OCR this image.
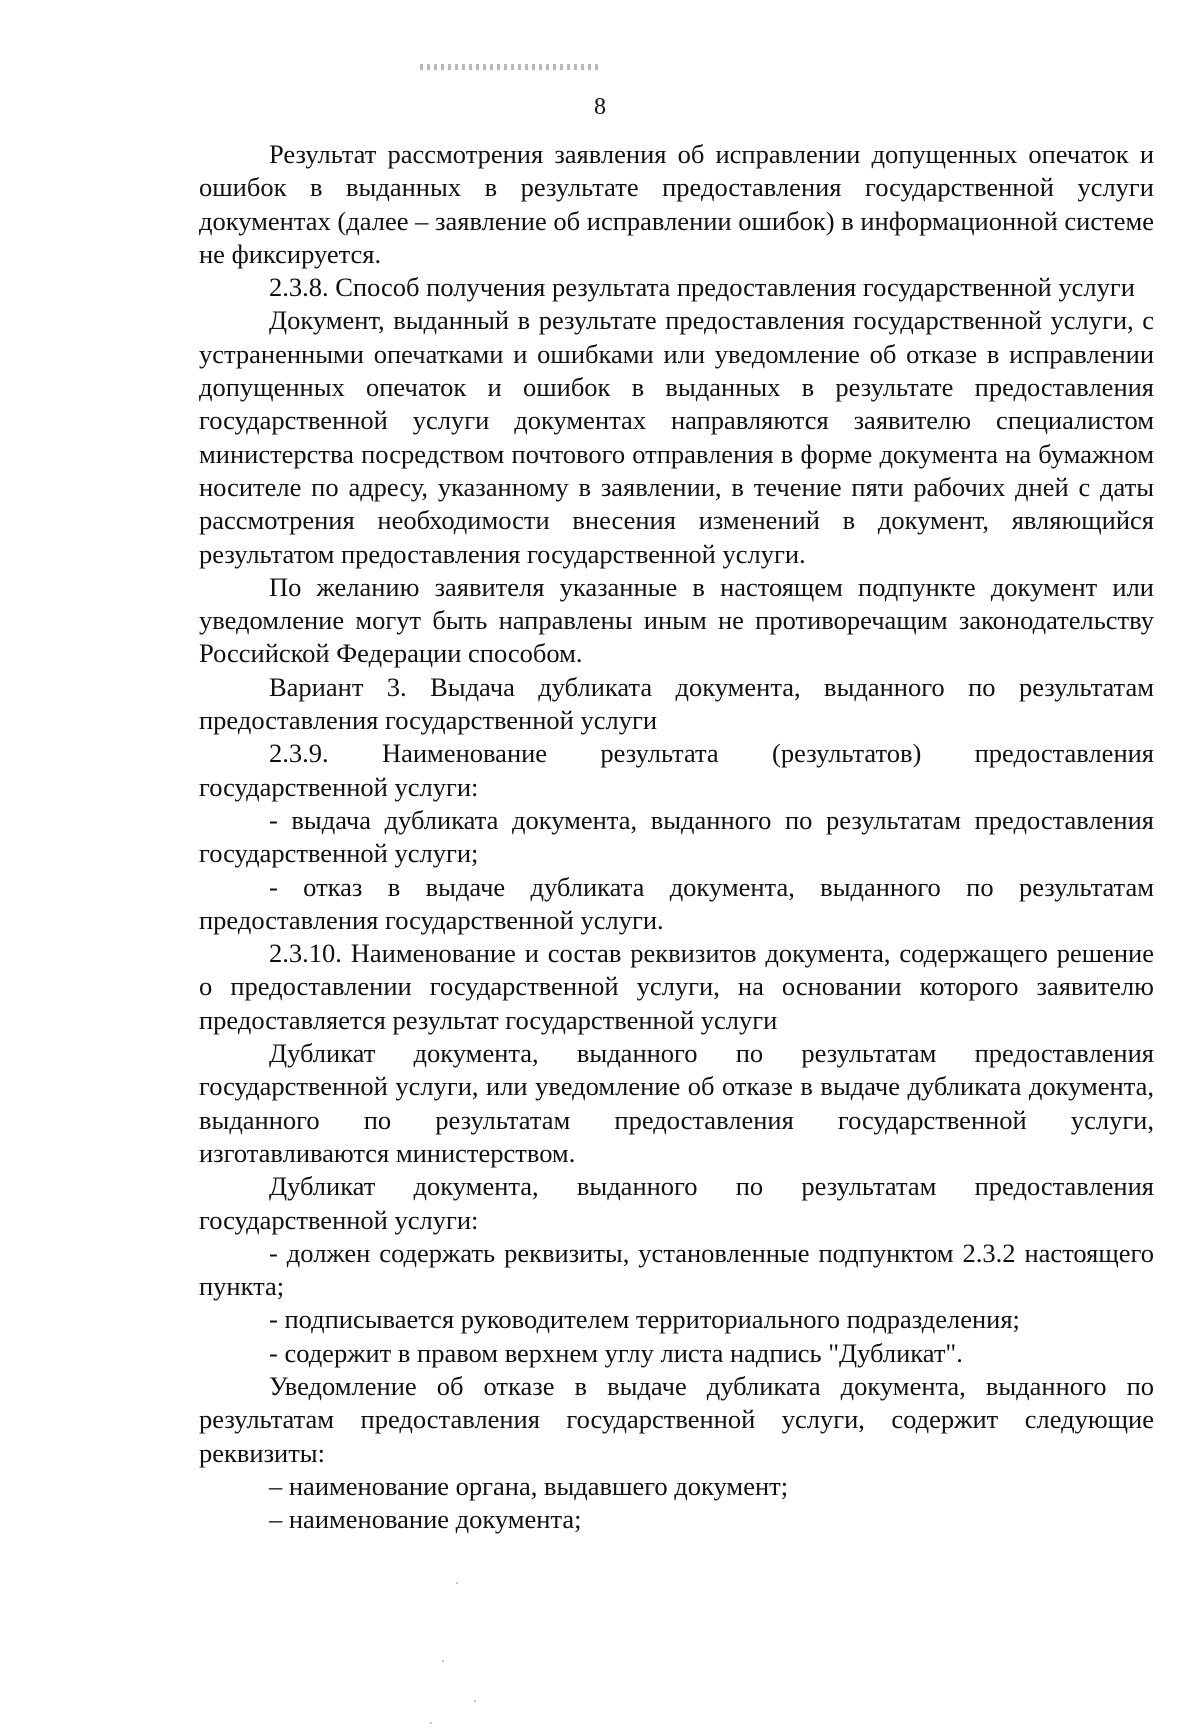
8

Результат рассмотрения заявления об исправлении допущенных опечаток и ошибок в выданных в результате предоставления государственной услуги документах (далее – заявление об исправлении ошибок) в информационной системе не фиксируется.

2.3.8. Способ получения результата предоставления государственной услуги

Документ, выданный в результате предоставления государственной услуги, с устраненными опечатками и ошибками или уведомление об отказе в исправлении допущенных опечаток и ошибок в выданных в результате предоставления государственной услуги документах направляются заявителю специалистом министерства посредством почтового отправления в форме документа на бумажном носителе по адресу, указанному в заявлении, в течение пяти рабочих дней с даты рассмотрения необходимости внесения изменений в документ, являющийся результатом предоставления государственной услуги.

По желанию заявителя указанные в настоящем подпункте документ или уведомление могут быть направлены иным не противоречащим законодательству Российской Федерации способом.

Вариант 3. Выдача дубликата документа, выданного по результатам предоставления государственной услуги

2.3.9. Наименование результата (результатов) предоставления государственной услуги:

- выдача дубликата документа, выданного по результатам предоставления государственной услуги;

- отказ в выдаче дубликата документа, выданного по результатам предоставления государственной услуги.

2.3.10. Наименование и состав реквизитов документа, содержащего решение о предоставлении государственной услуги, на основании которого заявителю предоставляется результат государственной услуги

Дубликат документа, выданного по результатам предоставления государственной услуги, или уведомление об отказе в выдаче дубликата документа, выданного по результатам предоставления государственной услуги, изготавливаются министерством.

Дубликат документа, выданного по результатам предоставления государственной услуги:

- должен содержать реквизиты, установленные подпунктом 2.3.2 настоящего пункта;

- подписывается руководителем территориального подразделения;

- содержит в правом верхнем углу листа надпись "Дубликат".

Уведомление об отказе в выдаче дубликата документа, выданного по результатам предоставления государственной услуги, содержит следующие реквизиты:

– наименование органа, выдавшего документ;

– наименование документа;
